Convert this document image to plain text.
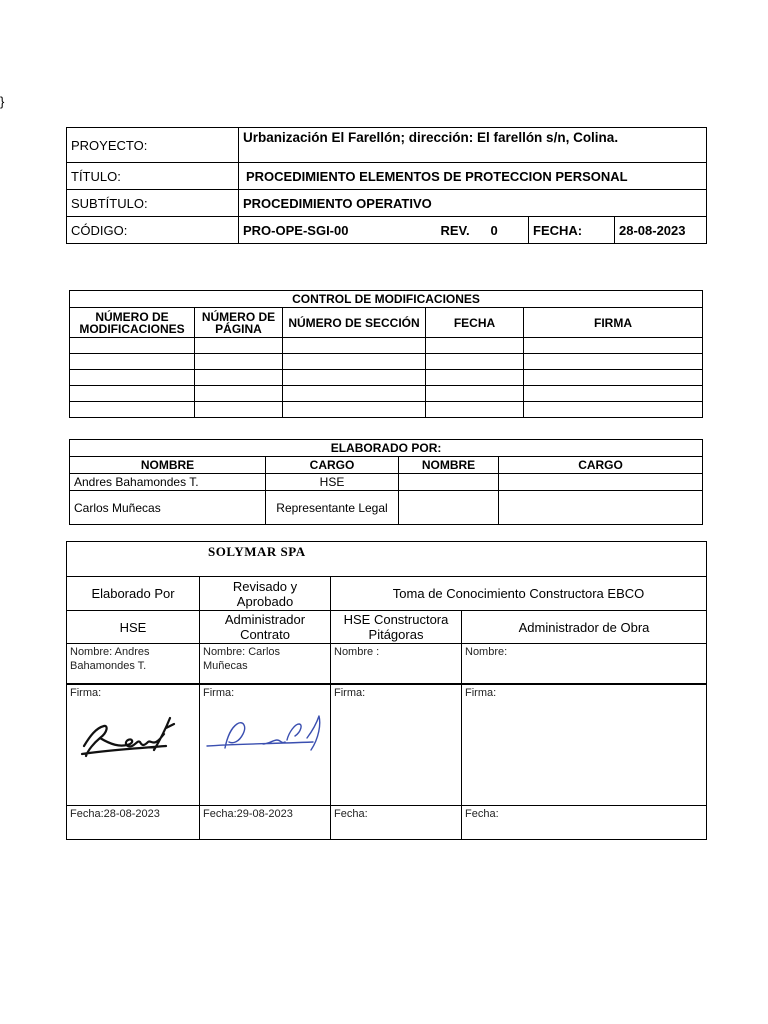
}
PROYECTO:	Urbanización El Farellón; dirección: El farellón s/n, Colina.		
TÍTULO:	PROCEDIMIENTO ELEMENTOS DE PROTECCION PERSONAL		
SUBTÍTULO:	PROCEDIMIENTO OPERATIVO		
CÓDIGO:	PRO-OPE-SGI-00 REV. 0	FECHA:	28-08-2023
CONTROL DE MODIFICACIONES				
NÚMERO DE MODIFICACIONES	NÚMERO DE PÁGINA	NÚMERO DE SECCIÓN	FECHA	FIRMA

ELABORADO POR:			
NOMBRE	CARGO	NOMBRE	CARGO
Andres Bahamondes T.	HSE		
Carlos Muñecas	Representante Legal		
SOLYMAR SPA			
Elaborado Por	Revisado y Aprobado	Toma de Conocimiento Constructora EBCO	
HSE	Administrador Contrato	HSE Constructora Pitágoras	Administrador de Obra
Nombre: Andres Bahamondes T.	Nombre: Carlos Muñecas	Nombre :	Nombre:
Firma:	Firma:	Firma:	Firma:
Fecha:28-08-2023	Fecha:29-08-2023	Fecha:	Fecha:
